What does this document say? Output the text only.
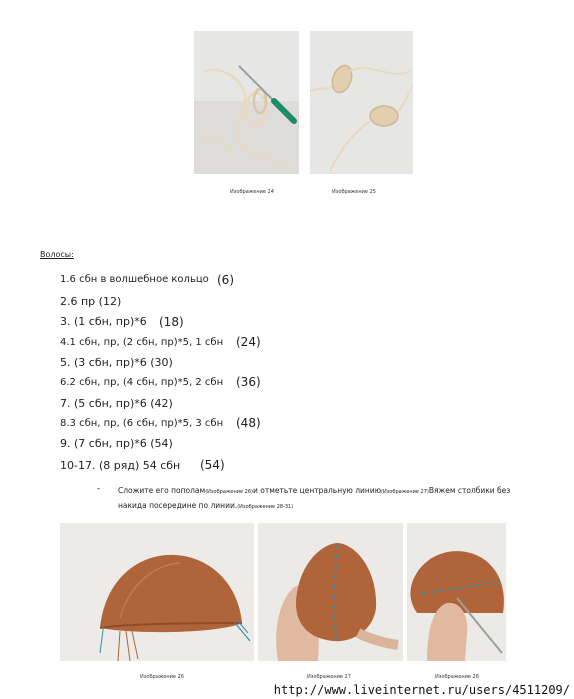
Изображение 24	Изображение 25
Волосы:
1.6 сбн в волшебное кольцо (6)
2.6 пр (12)
3. (1 сбн, пр)*6 (18)
4.1 сбн, пр, (2 сбн, пр)*5, 1 сбн (24)
5. (3 сбн, пр)*6 (30)
6.2 сбн, пр, (4 сбн, пр)*5, 2 сбн (36)
7. (5 сбн, пр)*6 (42)
8.3 сбн, пр, (6 сбн, пр)*5, 3 сбн (48)
9. (7 сбн, пр)*6 (54)
10-17. (8 ряд) 54 сбн (54)
- Сложите его пополам(Изображение 26)и отметьте центральную линию(Изображение 27)Вяжем столбики без накида посередине по линии.(Изображение 28-31)
Изображение 26	Изображение 27	Изображение 28
http://www.liveinternet.ru/users/4511209/
